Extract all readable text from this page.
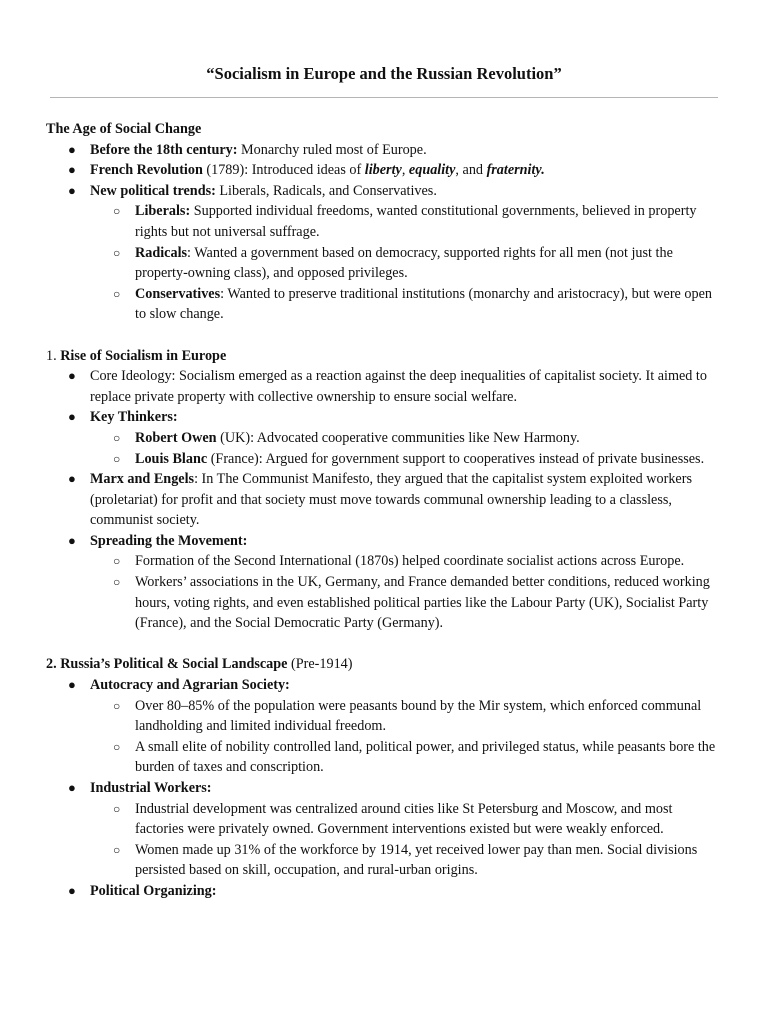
“Socialism in Europe and the Russian Revolution”
The Age of Social Change
● Before the 18th century: Monarchy ruled most of Europe.
● French Revolution (1789): Introduced ideas of liberty, equality, and fraternity.
● New political trends: Liberals, Radicals, and Conservatives.
○ Liberals: Supported individual freedoms, wanted constitutional governments, believed in property rights but not universal suffrage.
○ Radicals: Wanted a government based on democracy, supported rights for all men (not just the property-owning class), and opposed privileges.
○ Conservatives: Wanted to preserve traditional institutions (monarchy and aristocracy), but were open to slow change.
1. Rise of Socialism in Europe
● Core Ideology: Socialism emerged as a reaction against the deep inequalities of capitalist society. It aimed to replace private property with collective ownership to ensure social welfare.
● Key Thinkers:
○ Robert Owen (UK): Advocated cooperative communities like New Harmony.
○ Louis Blanc (France): Argued for government support to cooperatives instead of private businesses.
● Marx and Engels: In The Communist Manifesto, they argued that the capitalist system exploited workers (proletariat) for profit and that society must move towards communal ownership leading to a classless, communist society.
● Spreading the Movement:
○ Formation of the Second International (1870s) helped coordinate socialist actions across Europe.
○ Workers’ associations in the UK, Germany, and France demanded better conditions, reduced working hours, voting rights, and even established political parties like the Labour Party (UK), Socialist Party (France), and the Social Democratic Party (Germany).
2. Russia’s Political & Social Landscape (Pre-1914)
● Autocracy and Agrarian Society:
○ Over 80–85% of the population were peasants bound by the Mir system, which enforced communal landholding and limited individual freedom.
○ A small elite of nobility controlled land, political power, and privileged status, while peasants bore the burden of taxes and conscription.
● Industrial Workers:
○ Industrial development was centralized around cities like St Petersburg and Moscow, and most factories were privately owned. Government interventions existed but were weakly enforced.
○ Women made up 31% of the workforce by 1914, yet received lower pay than men. Social divisions persisted based on skill, occupation, and rural-urban origins.
● Political Organizing:
